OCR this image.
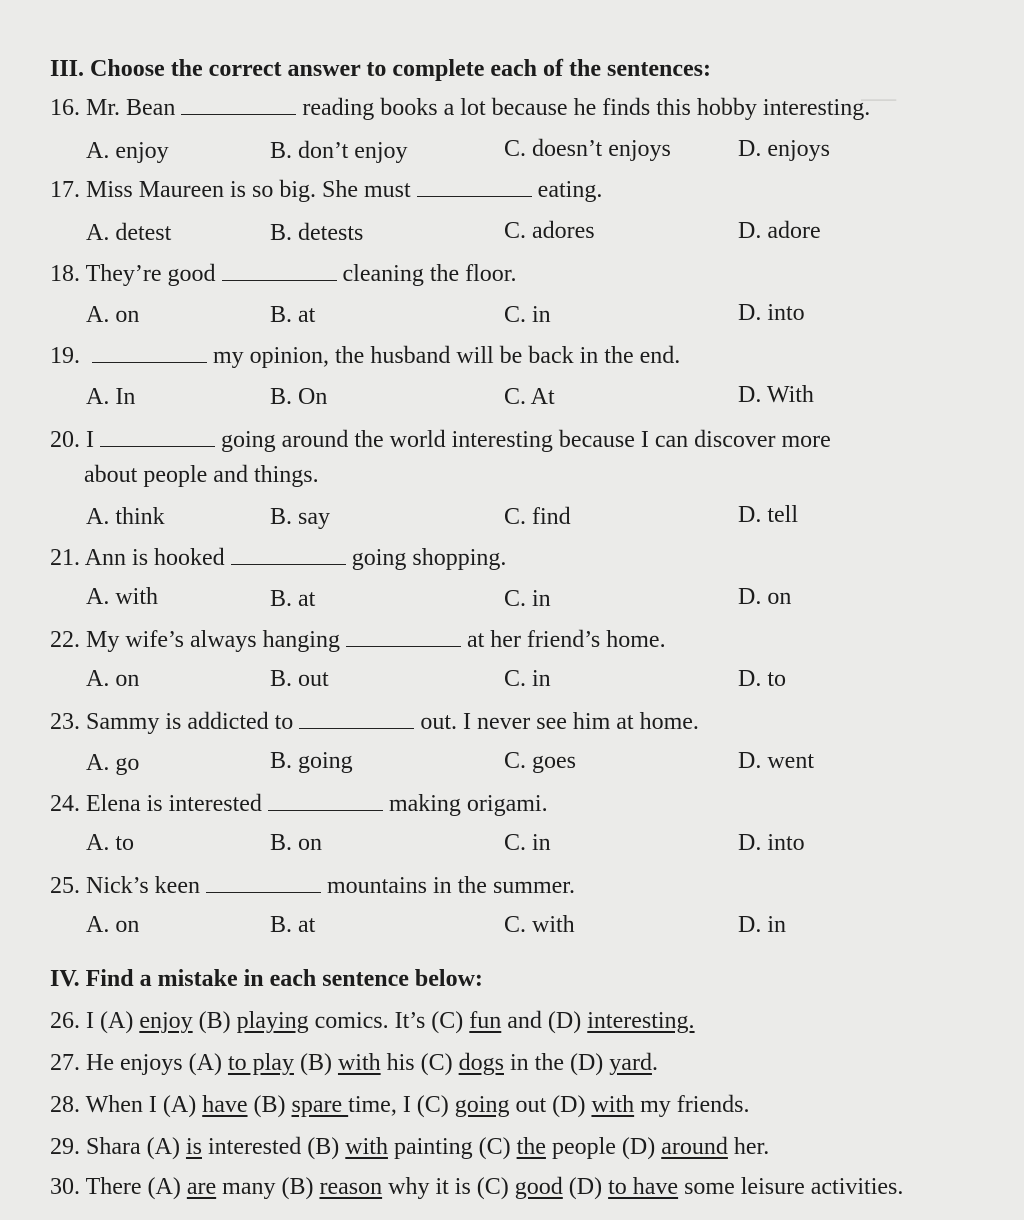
⸺
III. Choose the correct answer to complete each of the sentences:
16. Mr. Bean	reading books a lot because he finds this hobby interesting.
A. enjoy	B. don’t enjoy	C. doesn’t enjoys	D. enjoys
17. Miss Maureen is so big. She must	eating.
A. detest	B. detests	C. adores	D. adore
18. They’re good	cleaning the floor.
A. on	B. at	C. in	D. into
19.	my opinion, the husband will be back in the end.
A. In	B. On	C. At	D. With
20. I	going around the world interesting because I can discover more
about people and things.
A. think	B. say	C. find	D. tell
21. Ann is hooked	going shopping.
A. with	B. at	C. in	D. on
22. My wife’s always hanging	at her friend’s home.
A. on	B. out	C. in	D. to
23. Sammy is addicted to	out. I never see him at home.
A. go	B. going	C. goes	D. went
24. Elena is interested	making origami.
A. to	B. on	C. in	D. into
25. Nick’s keen	mountains in the summer.
A. on	B. at	C. with	D. in
IV. Find a mistake in each sentence below:
26. I (A) enjoy (B) playing comics. It’s (C) fun and (D) interesting.
27. He enjoys (A) to play (B) with his (C) dogs in the (D) yard.
28. When I (A) have (B) spare time, I (C) going out (D) with my friends.
29. Shara (A) is interested (B) with painting (C) the people (D) around her.
30. There (A) are many (B) reason why it is (C) good (D) to have some leisure activities.
